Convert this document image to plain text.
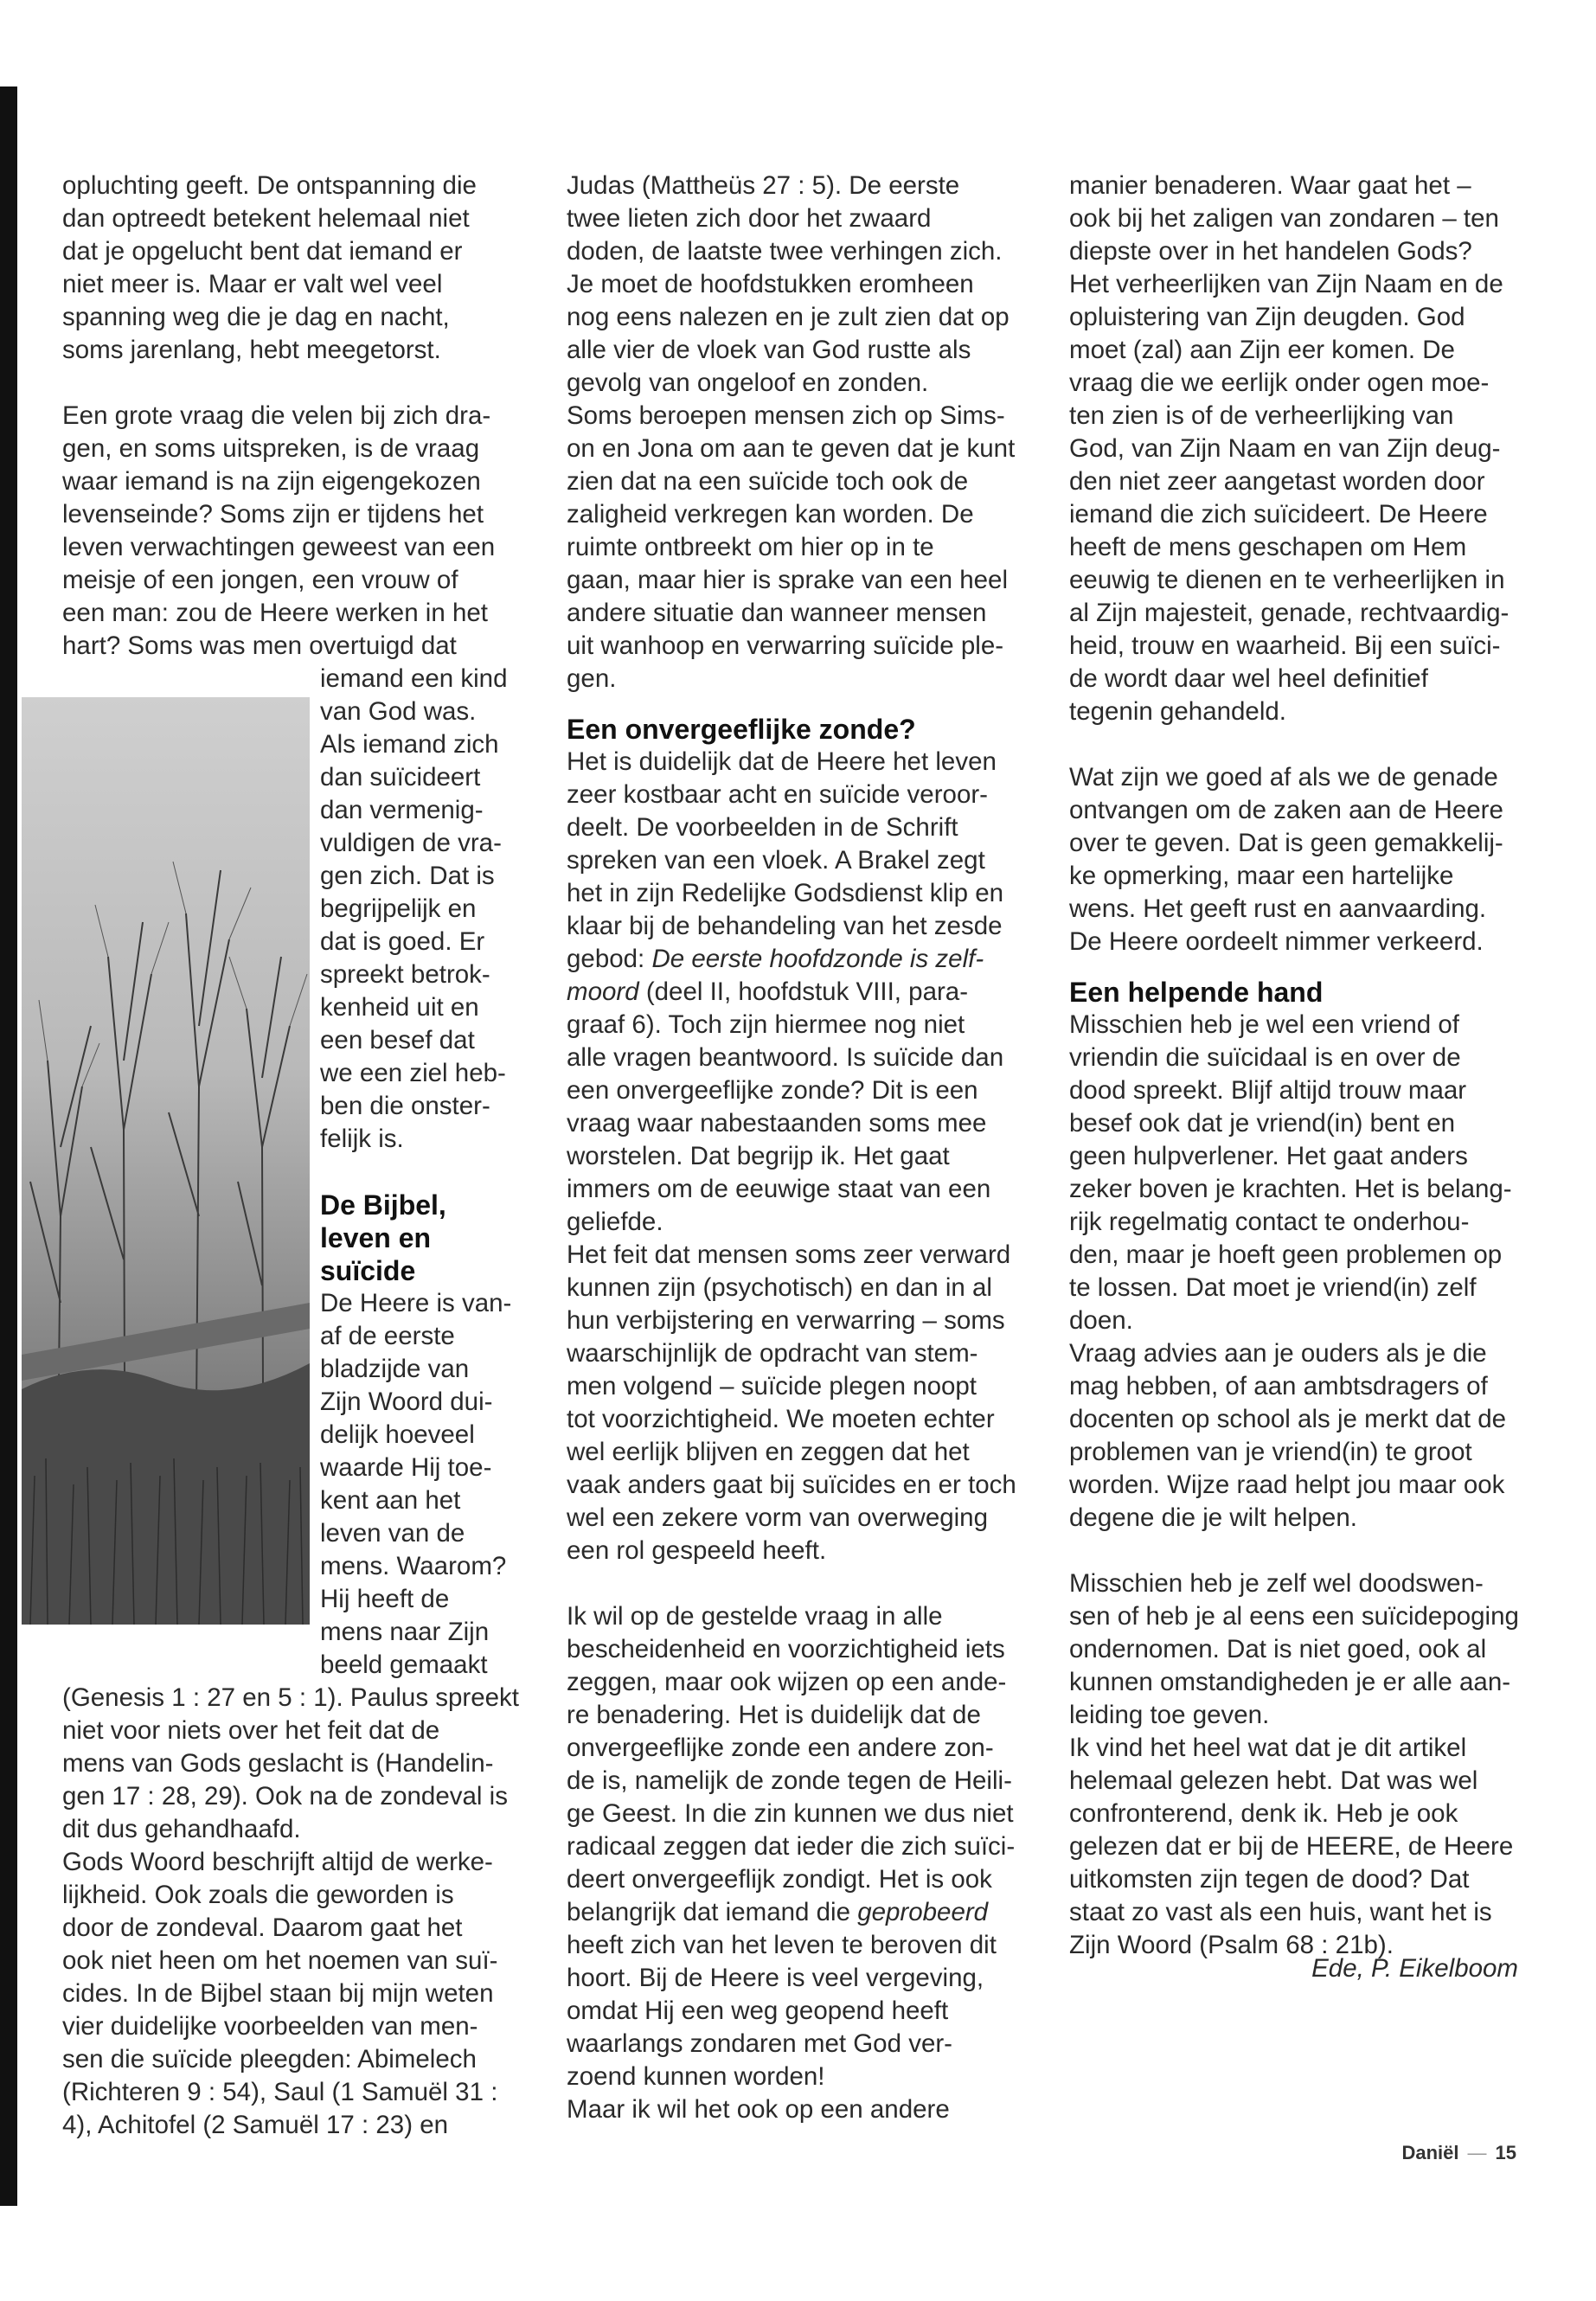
opluchting geeft. De ontspanning die

dan optreedt betekent helemaal niet

dat je opgelucht bent dat iemand er

niet meer is. Maar er valt wel veel

spanning weg die je dag en nacht,

soms jarenlang, hebt meegetorst.

Een grote vraag die velen bij zich dra-

gen, en soms uitspreken, is de vraag

waar iemand is na zijn eigengekozen

levenseinde? Soms zijn er tijdens het

leven verwachtingen geweest van een

meisje of een jongen, een vrouw of

een man: zou de Heere werken in het

hart? Soms was men overtuigd dat

iemand een kind

van God was.

Als iemand zich

dan suïcideert

dan vermenig-

vuldigen de vra-

gen zich. Dat is

begrijpelijk en

dat is goed. Er

spreekt betrok-

kenheid uit en

een besef dat

we een ziel heb-

ben die onster-

felijk is.

De Bijbel,
leven en
suïcide

De Heere is van-

af de eerste

bladzijde van

Zijn Woord dui-

delijk hoeveel

waarde Hij toe-

kent aan het

leven van de

mens. Waarom?

Hij heeft de

mens naar Zijn

beeld gemaakt

(Genesis 1 : 27 en 5 : 1). Paulus spreekt

niet voor niets over het feit dat de

mens van Gods geslacht is (Handelin-

gen 17 : 28, 29). Ook na de zondeval is

dit dus gehandhaafd.

Gods Woord beschrijft altijd de werke-

lijkheid. Ook zoals die geworden is

door de zondeval. Daarom gaat het

ook niet heen om het noemen van suï-

cides. In de Bijbel staan bij mijn weten

vier duidelijke voorbeelden van men-

sen die suïcide pleegden: Abimelech

(Richteren 9 : 54), Saul (1 Samuël 31 :

4), Achitofel (2 Samuël 17 : 23) en

Judas (Mattheüs 27 : 5). De eerste

twee lieten zich door het zwaard

doden, de laatste twee verhingen zich.

Je moet de hoofdstukken eromheen

nog eens nalezen en je zult zien dat op

alle vier de vloek van God rustte als

gevolg van ongeloof en zonden.

Soms beroepen mensen zich op Sims-

on en Jona om aan te geven dat je kunt

zien dat na een suïcide toch ook de

zaligheid verkregen kan worden. De

ruimte ontbreekt om hier op in te

gaan, maar hier is sprake van een heel

andere situatie dan wanneer mensen

uit wanhoop en verwarring suïcide ple-

gen.

Een onvergeeflijke zonde?

Het is duidelijk dat de Heere het leven

zeer kostbaar acht en suïcide veroor-

deelt. De voorbeelden in de Schrift

spreken van een vloek. A Brakel zegt

het in zijn Redelijke Godsdienst klip en

klaar bij de behandeling van het zesde

gebod: De eerste hoofdzonde is zelf-

moord (deel II, hoofdstuk VIII, para-

graaf 6). Toch zijn hiermee nog niet

alle vragen beantwoord. Is suïcide dan

een onvergeeflijke zonde? Dit is een

vraag waar nabestaanden soms mee

worstelen. Dat begrijp ik. Het gaat

immers om de eeuwige staat van een

geliefde.

Het feit dat mensen soms zeer verward

kunnen zijn (psychotisch) en dan in al

hun verbijstering en verwarring – soms

waarschijnlijk de opdracht van stem-

men volgend – suïcide plegen noopt

tot voorzichtigheid. We moeten echter

wel eerlijk blijven en zeggen dat het

vaak anders gaat bij suïcides en er toch

wel een zekere vorm van overweging

een rol gespeeld heeft.

Ik wil op de gestelde vraag in alle

bescheidenheid en voorzichtigheid iets

zeggen, maar ook wijzen op een ande-

re benadering. Het is duidelijk dat de

onvergeeflijke zonde een andere zon-

de is, namelijk de zonde tegen de Heili-

ge Geest. In die zin kunnen we dus niet

radicaal zeggen dat ieder die zich suïci-

deert onvergeeflijk zondigt. Het is ook

belangrijk dat iemand die geprobeerd

heeft zich van het leven te beroven dit

hoort. Bij de Heere is veel vergeving,

omdat Hij een weg geopend heeft

waarlangs zondaren met God ver-

zoend kunnen worden!

Maar ik wil het ook op een andere

manier benaderen. Waar gaat het –

ook bij het zaligen van zondaren – ten

diepste over in het handelen Gods?

Het verheerlijken van Zijn Naam en de

opluistering van Zijn deugden. God

moet (zal) aan Zijn eer komen. De

vraag die we eerlijk onder ogen moe-

ten zien is of de verheerlijking van

God, van Zijn Naam en van Zijn deug-

den niet zeer aangetast worden door

iemand die zich suïcideert. De Heere

heeft de mens geschapen om Hem

eeuwig te dienen en te verheerlijken in

al Zijn majesteit, genade, rechtvaardig-

heid, trouw en waarheid. Bij een suïci-

de wordt daar wel heel definitief

tegenin gehandeld.

Wat zijn we goed af als we de genade

ontvangen om de zaken aan de Heere

over te geven. Dat is geen gemakkelij-

ke opmerking, maar een hartelijke

wens. Het geeft rust en aanvaarding.

De Heere oordeelt nimmer verkeerd.

Een helpende hand

Misschien heb je wel een vriend of

vriendin die suïcidaal is en over de

dood spreekt. Blijf altijd trouw maar

besef ook dat je vriend(in) bent en

geen hulpverlener. Het gaat anders

zeker boven je krachten. Het is belang-

rijk regelmatig contact te onderhou-

den, maar je hoeft geen problemen op

te lossen. Dat moet je vriend(in) zelf

doen.

Vraag advies aan je ouders als je die

mag hebben, of aan ambtsdragers of

docenten op school als je merkt dat de

problemen van je vriend(in) te groot

worden. Wijze raad helpt jou maar ook

degene die je wilt helpen.

Misschien heb je zelf wel doodswen-

sen of heb je al eens een suïcidepoging

ondernomen. Dat is niet goed, ook al

kunnen omstandigheden je er alle aan-

leiding toe geven.

Ik vind het heel wat dat je dit artikel

helemaal gelezen hebt. Dat was wel

confronterend, denk ik. Heb je ook

gelezen dat er bij de HEERE, de Heere

uitkomsten zijn tegen de dood? Dat

staat zo vast als een huis, want het is

Zijn Woord (Psalm 68 : 21b).

Ede, P. Eikelboom
Daniël — 15
